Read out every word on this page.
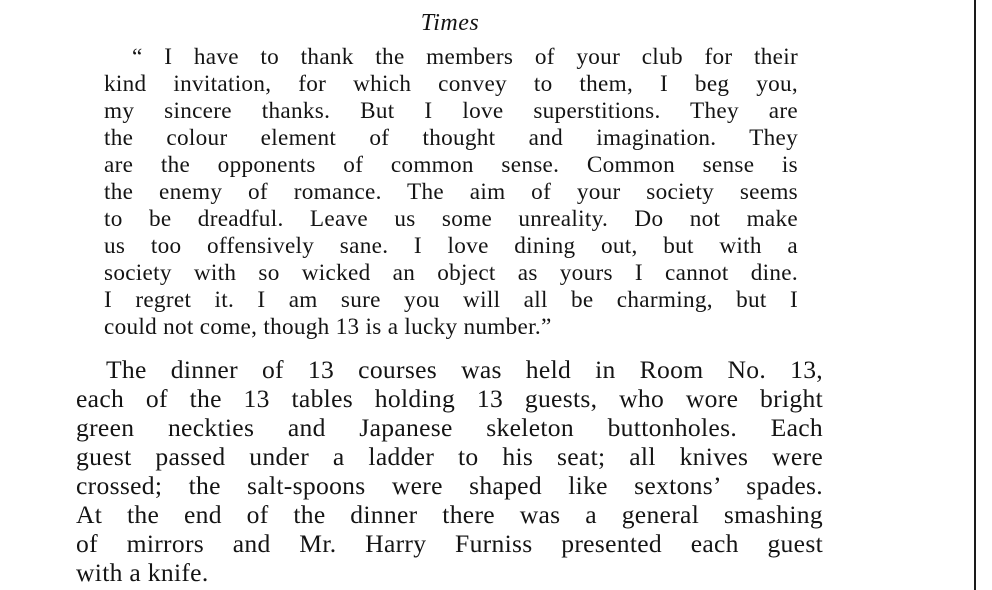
Times
“ I have to thank the members of your club for their
kind invitation, for which convey to them, I beg you,
my sincere thanks. But I love superstitions. They are
the colour element of thought and imagination. They
are the opponents of common sense. Common sense is
the enemy of romance. The aim of your society seems
to be dreadful. Leave us some unreality. Do not make
us too offensively sane. I love dining out, but with a
society with so wicked an object as yours I cannot dine.
I regret it. I am sure you will all be charming, but I
could not come, though 13 is a lucky number.”
The dinner of 13 courses was held in Room No. 13,
each of the 13 tables holding 13 guests, who wore bright
green neckties and Japanese skeleton buttonholes. Each
guest passed under a ladder to his seat; all knives were
crossed; the salt-spoons were shaped like sextons’ spades.
At the end of the dinner there was a general smashing
of mirrors and Mr. Harry Furniss presented each guest
with a knife.
